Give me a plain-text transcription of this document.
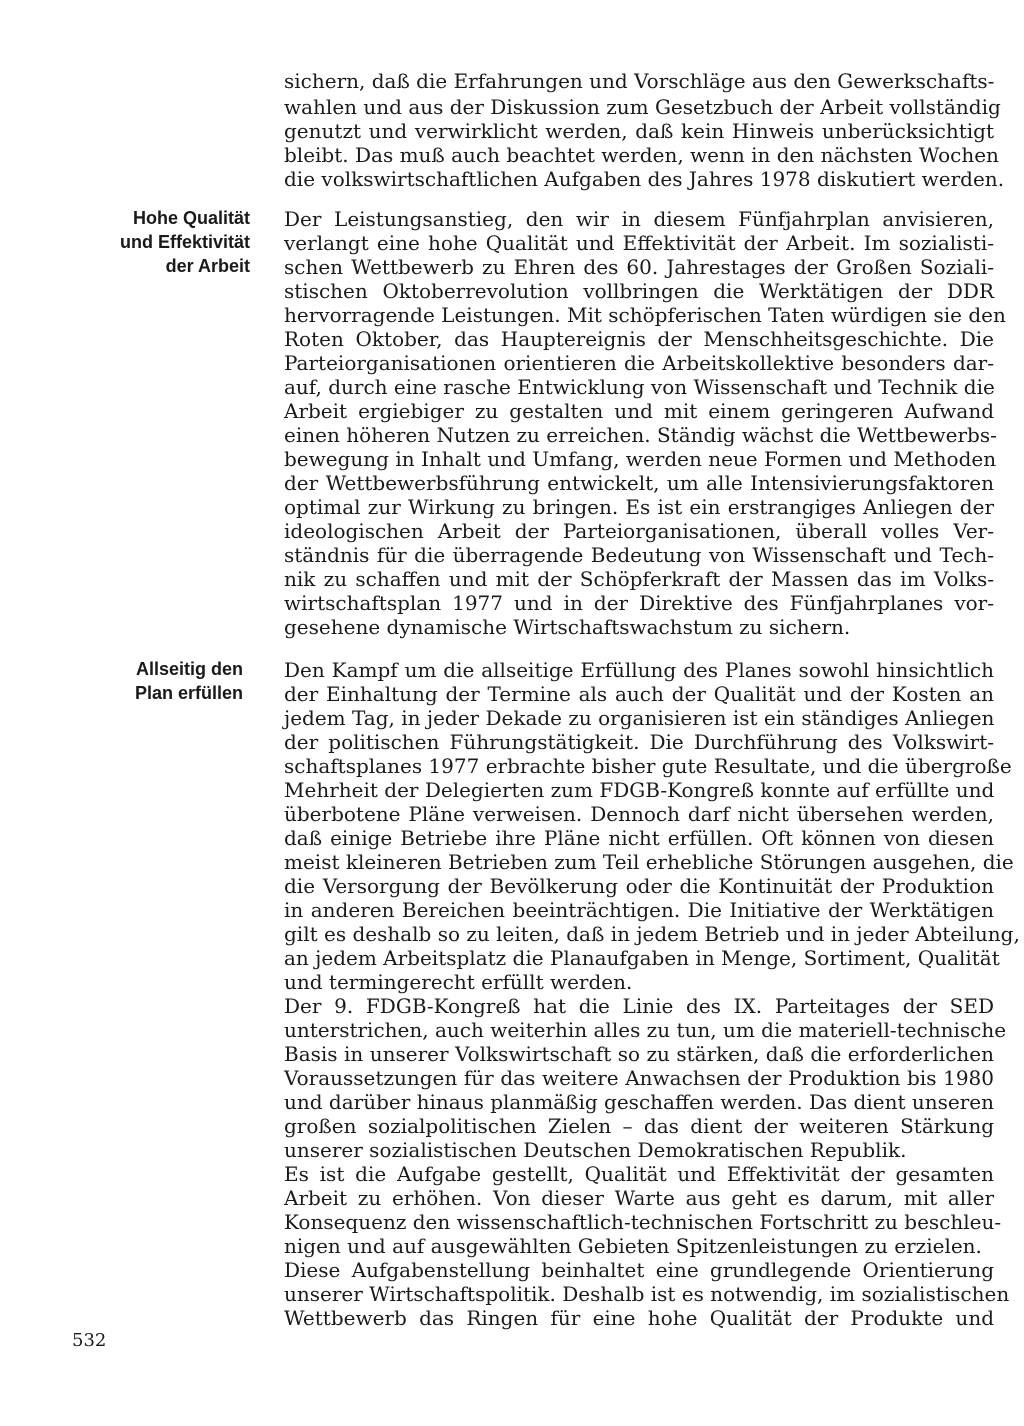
Hohe Qualität
und Effektivität
der Arbeit
Allseitig den
Plan erfüllen
sichern, daß die Erfahrungen und Vorschläge aus den Gewerkschafts-
wahlen und aus der Diskussion zum Gesetzbuch der Arbeit vollständig
genutzt und verwirklicht werden, daß kein Hinweis unberücksichtigt
bleibt. Das muß auch beachtet werden, wenn in den nächsten Wochen
die volkswirtschaftlichen Aufgaben des Jahres 1978 diskutiert werden.
Der Leistungsanstieg, den wir in diesem Fünfjahrplan anvisieren,
verlangt eine hohe Qualität und Effektivität der Arbeit. Im sozialisti-
schen Wettbewerb zu Ehren des 60. Jahrestages der Großen Soziali-
stischen Oktoberrevolution vollbringen die Werktätigen der DDR
hervorragende Leistungen. Mit schöpferischen Taten würdigen sie den
Roten Oktober, das Hauptereignis der Menschheitsgeschichte. Die
Parteiorganisationen orientieren die Arbeitskollektive besonders dar-
auf, durch eine rasche Entwicklung von Wissenschaft und Technik die
Arbeit ergiebiger zu gestalten und mit einem geringeren Aufwand
einen höheren Nutzen zu erreichen. Ständig wächst die Wettbewerbs-
bewegung in Inhalt und Umfang, werden neue Formen und Methoden
der Wettbewerbsführung entwickelt, um alle Intensivierungsfaktoren
optimal zur Wirkung zu bringen. Es ist ein erstrangiges Anliegen der
ideologischen Arbeit der Parteiorganisationen, überall volles Ver-
ständnis für die überragende Bedeutung von Wissenschaft und Tech-
nik zu schaffen und mit der Schöpferkraft der Massen das im Volks-
wirtschaftsplan 1977 und in der Direktive des Fünfjahrplanes vor-
gesehene dynamische Wirtschaftswachstum zu sichern.
Den Kampf um die allseitige Erfüllung des Planes sowohl hinsichtlich
der Einhaltung der Termine als auch der Qualität und der Kosten an
jedem Tag, in jeder Dekade zu organisieren ist ein ständiges Anliegen
der politischen Führungstätigkeit. Die Durchführung des Volkswirt-
schaftsplanes 1977 erbrachte bisher gute Resultate, und die übergroße
Mehrheit der Delegierten zum FDGB-Kongreß konnte auf erfüllte und
überbotene Pläne verweisen. Dennoch darf nicht übersehen werden,
daß einige Betriebe ihre Pläne nicht erfüllen. Oft können von diesen
meist kleineren Betrieben zum Teil erhebliche Störungen ausgehen, die
die Versorgung der Bevölkerung oder die Kontinuität der Produktion
in anderen Bereichen beeinträchtigen. Die Initiative der Werktätigen
gilt es deshalb so zu leiten, daß in jedem Betrieb und in jeder Abteilung,
an jedem Arbeitsplatz die Planaufgaben in Menge, Sortiment, Qualität
und termingerecht erfüllt werden.
Der 9. FDGB-Kongreß hat die Linie des IX. Parteitages der SED
unterstrichen, auch weiterhin alles zu tun, um die materiell-technische
Basis in unserer Volkswirtschaft so zu stärken, daß die erforderlichen
Voraussetzungen für das weitere Anwachsen der Produktion bis 1980
und darüber hinaus planmäßig geschaffen werden. Das dient unseren
großen sozialpolitischen Zielen – das dient der weiteren Stärkung
unserer sozialistischen Deutschen Demokratischen Republik.
Es ist die Aufgabe gestellt, Qualität und Effektivität der gesamten
Arbeit zu erhöhen. Von dieser Warte aus geht es darum, mit aller
Konsequenz den wissenschaftlich-technischen Fortschritt zu beschleu-
nigen und auf ausgewählten Gebieten Spitzenleistungen zu erzielen.
Diese Aufgabenstellung beinhaltet eine grundlegende Orientierung
unserer Wirtschaftspolitik. Deshalb ist es notwendig, im sozialistischen
Wettbewerb das Ringen für eine hohe Qualität der Produkte und
532
